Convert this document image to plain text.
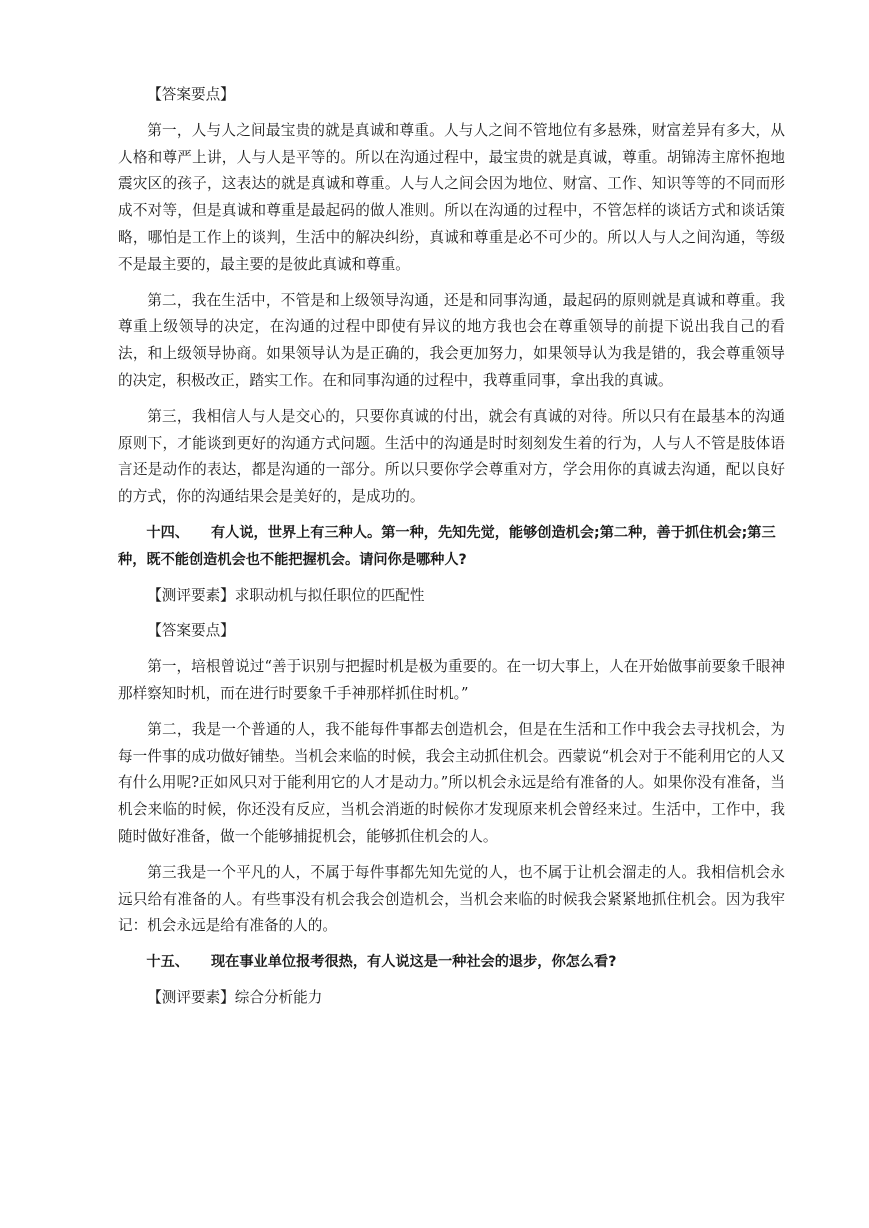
【答案要点】

第一，人与人之间最宝贵的就是真诚和尊重。人与人之间不管地位有多悬殊，财富差异有多大，从人格和尊严上讲，人与人是平等的。所以在沟通过程中，最宝贵的就是真诚，尊重。胡锦涛主席怀抱地震灾区的孩子，这表达的就是真诚和尊重。人与人之间会因为地位、财富、工作、知识等等的不同而形成不对等，但是真诚和尊重是最起码的做人准则。所以在沟通的过程中，不管怎样的谈话方式和谈话策略，哪怕是工作上的谈判，生活中的解决纠纷，真诚和尊重是必不可少的。所以人与人之间沟通，等级不是最主要的，最主要的是彼此真诚和尊重。

第二，我在生活中，不管是和上级领导沟通，还是和同事沟通，最起码的原则就是真诚和尊重。我尊重上级领导的决定，在沟通的过程中即使有异议的地方我也会在尊重领导的前提下说出我自己的看法，和上级领导协商。如果领导认为是正确的，我会更加努力，如果领导认为我是错的，我会尊重领导的决定，积极改正，踏实工作。在和同事沟通的过程中，我尊重同事，拿出我的真诚。

第三，我相信人与人是交心的，只要你真诚的付出，就会有真诚的对待。所以只有在最基本的沟通原则下，才能谈到更好的沟通方式问题。生活中的沟通是时时刻刻发生着的行为，人与人不管是肢体语言还是动作的表达，都是沟通的一部分。所以只要你学会尊重对方，学会用你的真诚去沟通，配以良好的方式，你的沟通结果会是美好的，是成功的。

十四、 有人说，世界上有三种人。第一种，先知先觉，能够创造机会;第二种，善于抓住机会;第三种，既不能创造机会也不能把握机会。请问你是哪种人?

【测评要素】求职动机与拟任职位的匹配性

【答案要点】

第一，培根曾说过“善于识别与把握时机是极为重要的。在一切大事上，人在开始做事前要象千眼神那样察知时机，而在进行时要象千手神那样抓住时机。”

第二，我是一个普通的人，我不能每件事都去创造机会，但是在生活和工作中我会去寻找机会，为每一件事的成功做好铺垫。当机会来临的时候，我会主动抓住机会。西蒙说“机会对于不能利用它的人又有什么用呢?正如风只对于能利用它的人才是动力。”所以机会永远是给有准备的人。如果你没有准备，当机会来临的时候，你还没有反应，当机会消逝的时候你才发现原来机会曾经来过。生活中，工作中，我随时做好准备，做一个能够捕捉机会，能够抓住机会的人。

第三我是一个平凡的人，不属于每件事都先知先觉的人，也不属于让机会溜走的人。我相信机会永远只给有准备的人。有些事没有机会我会创造机会，当机会来临的时候我会紧紧地抓住机会。因为我牢记：机会永远是给有准备的人的。

十五、 现在事业单位报考很热，有人说这是一种社会的退步，你怎么看?

【测评要素】综合分析能力
